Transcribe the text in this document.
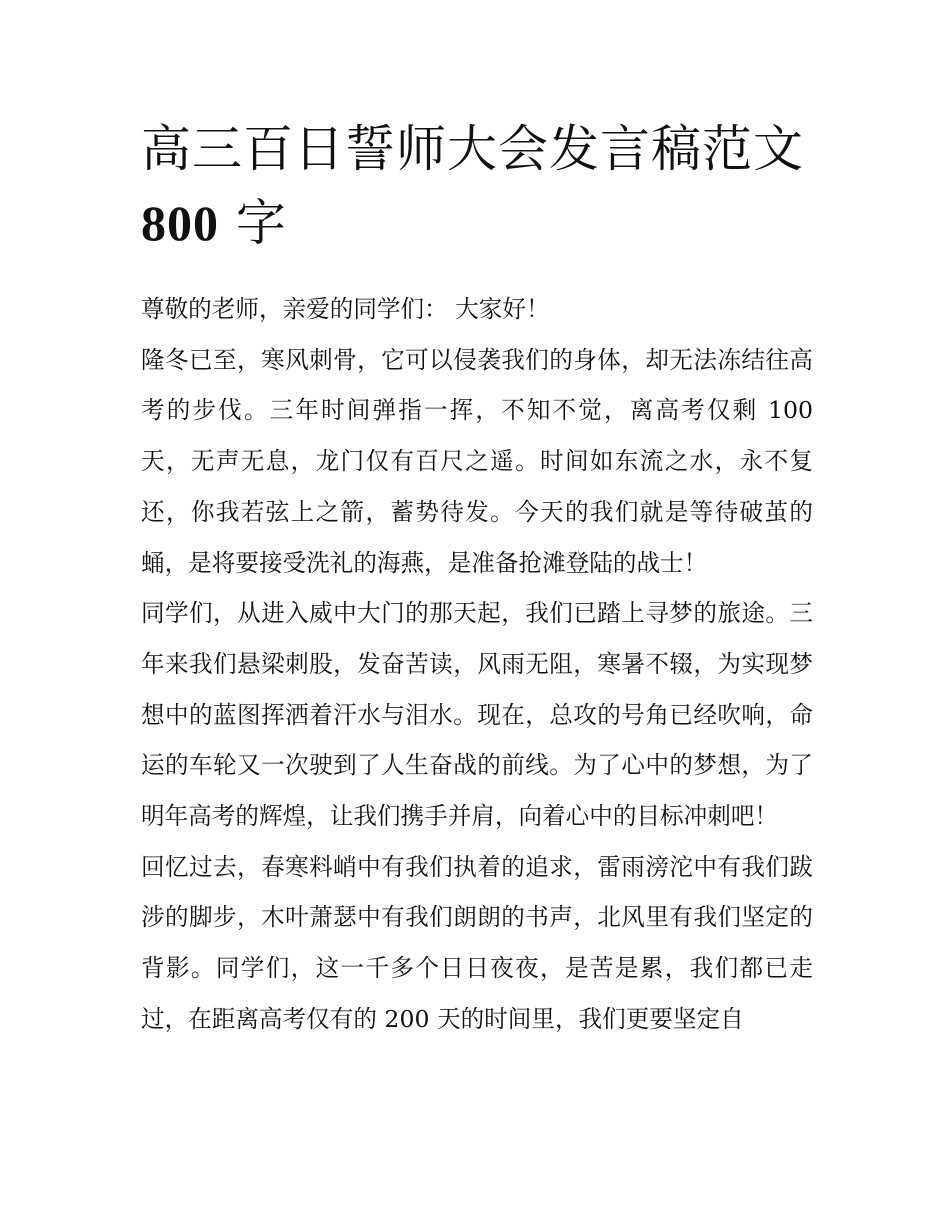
高三百日誓师大会发言稿范文
800 字

尊敬的老师，亲爱的同学们： 大家好！

隆冬已至，寒风刺骨，它可以侵袭我们的身体，却无法冻结往高考的步伐。三年时间弹指一挥，不知不觉，离高考仅剩 100 天，无声无息，龙门仅有百尺之遥。时间如东流之水，永不复还，你我若弦上之箭，蓄势待发。今天的我们就是等待破茧的蛹，是将要接受洗礼的海燕，是准备抢滩登陆的战士！

同学们，从进入威中大门的那天起，我们已踏上寻梦的旅途。三年来我们悬梁刺股，发奋苦读，风雨无阻，寒暑不辍，为实现梦想中的蓝图挥洒着汗水与泪水。现在，总攻的号角已经吹响，命运的车轮又一次驶到了人生奋战的前线。为了心中的梦想，为了明年高考的辉煌，让我们携手并肩，向着心中的目标冲刺吧！

回忆过去，春寒料峭中有我们执着的追求，雷雨滂沱中有我们跋涉的脚步，木叶萧瑟中有我们朗朗的书声，北风里有我们坚定的背影。同学们，这一千多个日日夜夜，是苦是累，我们都已走过，在距离高考仅有的 200 天的时间里，我们更要坚定自
